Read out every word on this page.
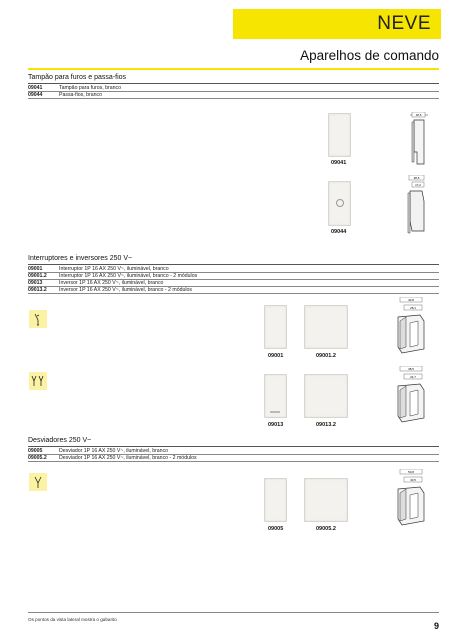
NEVE
Aparelhos de comando
Tampão para furos e passa-fios
09041	Tampão para furos, branco
09044	Passa-fios, branco
09041
09044
18,5
38,5
17,2
Interruptores e inversores 250 V~
09001	Interruptor 1P 16 AX 250 V~, iluminável, branco
09001.2 Interruptor 1P 16 AX 250 V~, iluminável, branco - 2 módulos
09013	Inversor 1P 16 AX 250 V~, iluminável, branco
09013.2 Inversor 1P 16 AX 250 V~, iluminável, branco - 2 módulos
09001	09001.2
09013	09013.2
40,8
28,1
38,5
24,7
Desviadores 250 V~
09005	Desviador 1P 16 AX 250 V~, iluminável, branco
09005.2 Desviador 1P 16 AX 250 V~, iluminável, branco - 2 módulos
09005	09005.2
50,8
40,5
Os pontos da vista lateral mostra o gabarito
9
